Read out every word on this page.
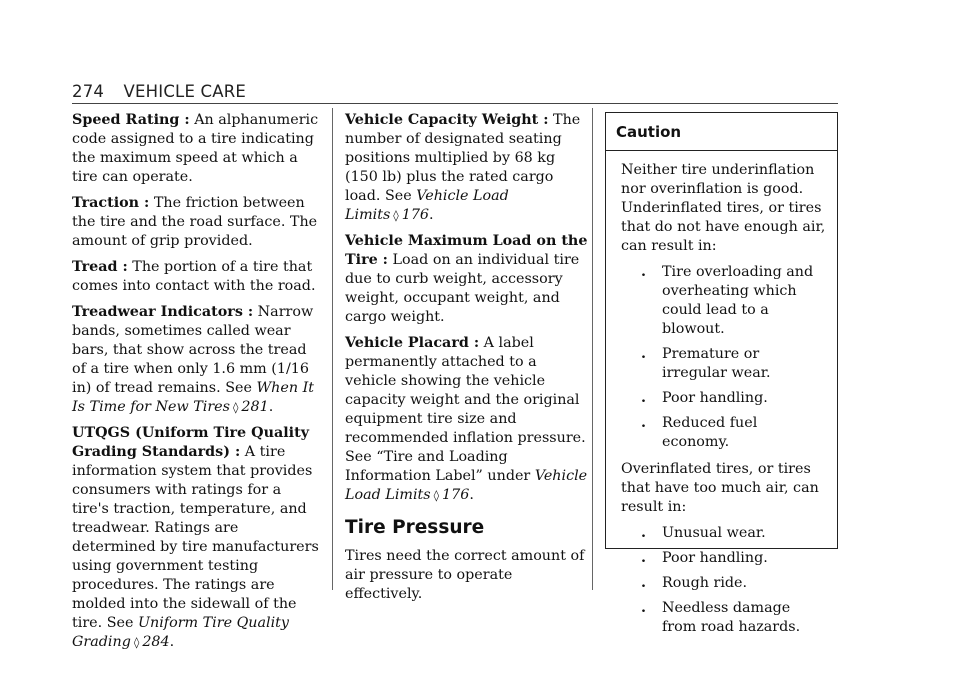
274 VEHICLE CARE

Speed Rating : An alphanumeric code assigned to a tire indicating the maximum speed at which a tire can operate.

Traction : The friction between the tire and the road surface. The amount of grip provided.

Tread : The portion of a tire that comes into contact with the road.

Treadwear Indicators : Narrow bands, sometimes called wear bars, that show across the tread of a tire when only 1.6 mm (1/16 in) of tread remains. See When It Is Time for New Tires ◊ 281.

UTQGS (Uniform Tire Quality Grading Standards) : A tire information system that provides consumers with ratings for a tire's traction, temperature, and treadwear. Ratings are determined by tire manufacturers using government testing procedures. The ratings are molded into the sidewall of the tire. See Uniform Tire Quality Grading ◊ 284.

Vehicle Capacity Weight : The number of designated seating positions multiplied by 68 kg (150 lb) plus the rated cargo load. See Vehicle Load Limits ◊ 176.

Vehicle Maximum Load on the Tire : Load on an individual tire due to curb weight, accessory weight, occupant weight, and cargo weight.

Vehicle Placard : A label permanently attached to a vehicle showing the vehicle capacity weight and the original equipment tire size and recommended inflation pressure. See “Tire and Loading Information Label” under Vehicle Load Limits ◊ 176.

Tire Pressure

Tires need the correct amount of air pressure to operate effectively.

Caution

Neither tire underinflation nor overinflation is good. Underinflated tires, or tires that do not have enough air, can result in:

. Tire overloading and overheating which could lead to a blowout.
. Premature or irregular wear.
. Poor handling.
. Reduced fuel economy.

Overinflated tires, or tires that have too much air, can result in:

. Unusual wear.
. Poor handling.
. Rough ride.
. Needless damage from road hazards.
